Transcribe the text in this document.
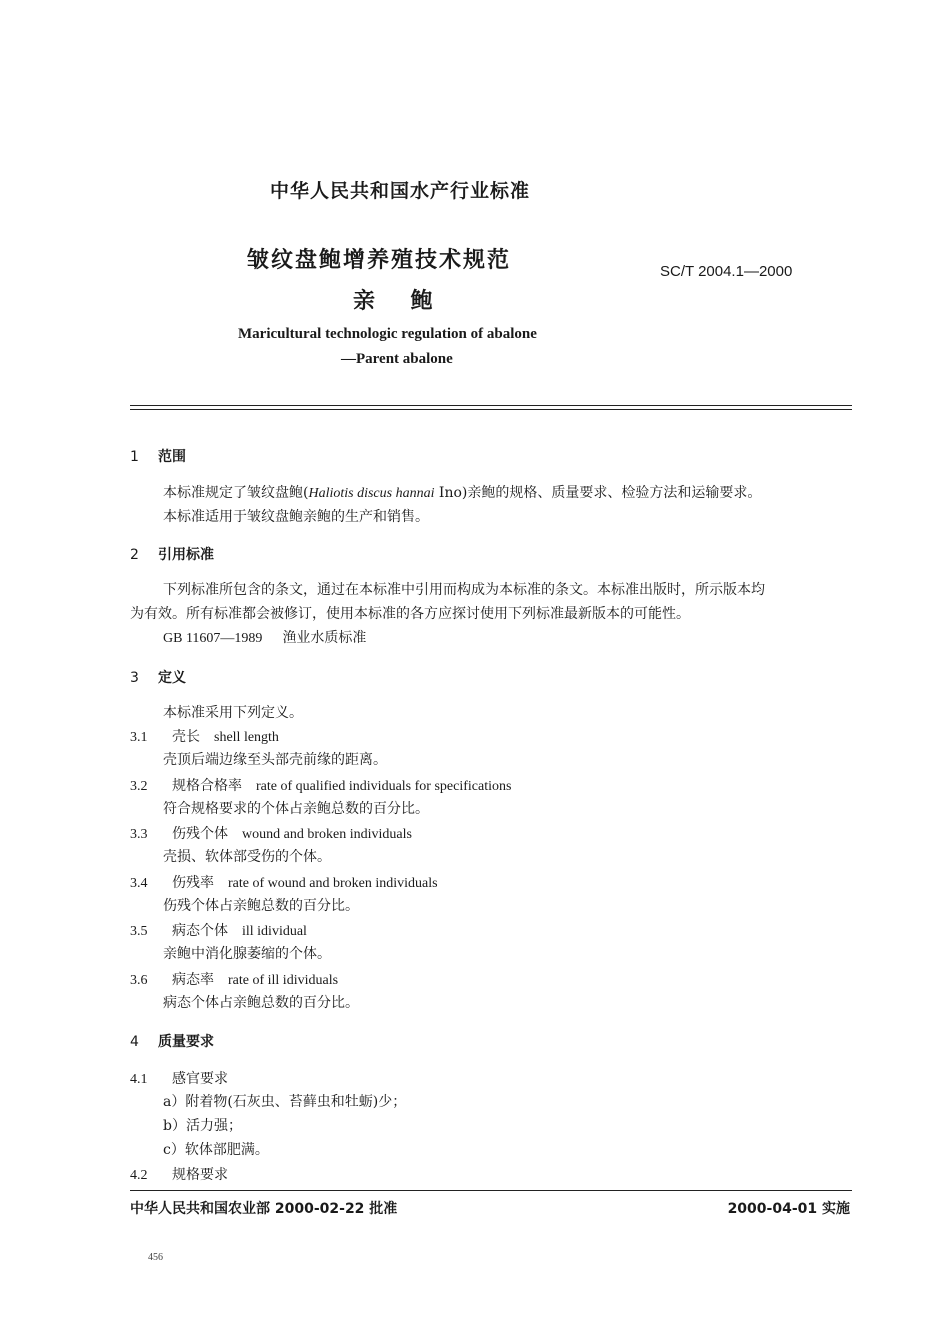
中华人民共和国水产行业标准
皱纹盘鲍增养殖技术规范
亲 鲍
SC/T 2004.1—2000
Maricultural technologic regulation of abalone
—Parent abalone
1 范围
本标准规定了皱纹盘鲍(Haliotis discus hannai Ino)亲鲍的规格、质量要求、检验方法和运输要求。
本标准适用于皱纹盘鲍亲鲍的生产和销售。
2 引用标准
下列标准所包含的条文，通过在本标准中引用而构成为本标准的条文。本标准出版时，所示版本均
为有效。所有标准都会被修订，使用本标准的各方应探讨使用下列标准最新版本的可能性。
GB 11607—1989 渔业水质标准
3 定义
本标准采用下列定义。
3.1 壳长 shell length
壳顶后端边缘至头部壳前缘的距离。
3.2 规格合格率 rate of qualified individuals for specifications
符合规格要求的个体占亲鲍总数的百分比。
3.3 伤残个体 wound and broken individuals
壳损、软体部受伤的个体。
3.4 伤残率 rate of wound and broken individuals
伤残个体占亲鲍总数的百分比。
3.5 病态个体 ill idividual
亲鲍中消化腺萎缩的个体。
3.6 病态率 rate of ill idividuals
病态个体占亲鲍总数的百分比。
4 质量要求
4.1 感官要求
a）附着物(石灰虫、苔藓虫和牡蛎)少；
b）活力强；
c）软体部肥满。
4.2 规格要求
中华人民共和国农业部 2000-02-22 批准	2000-04-01 实施
456
